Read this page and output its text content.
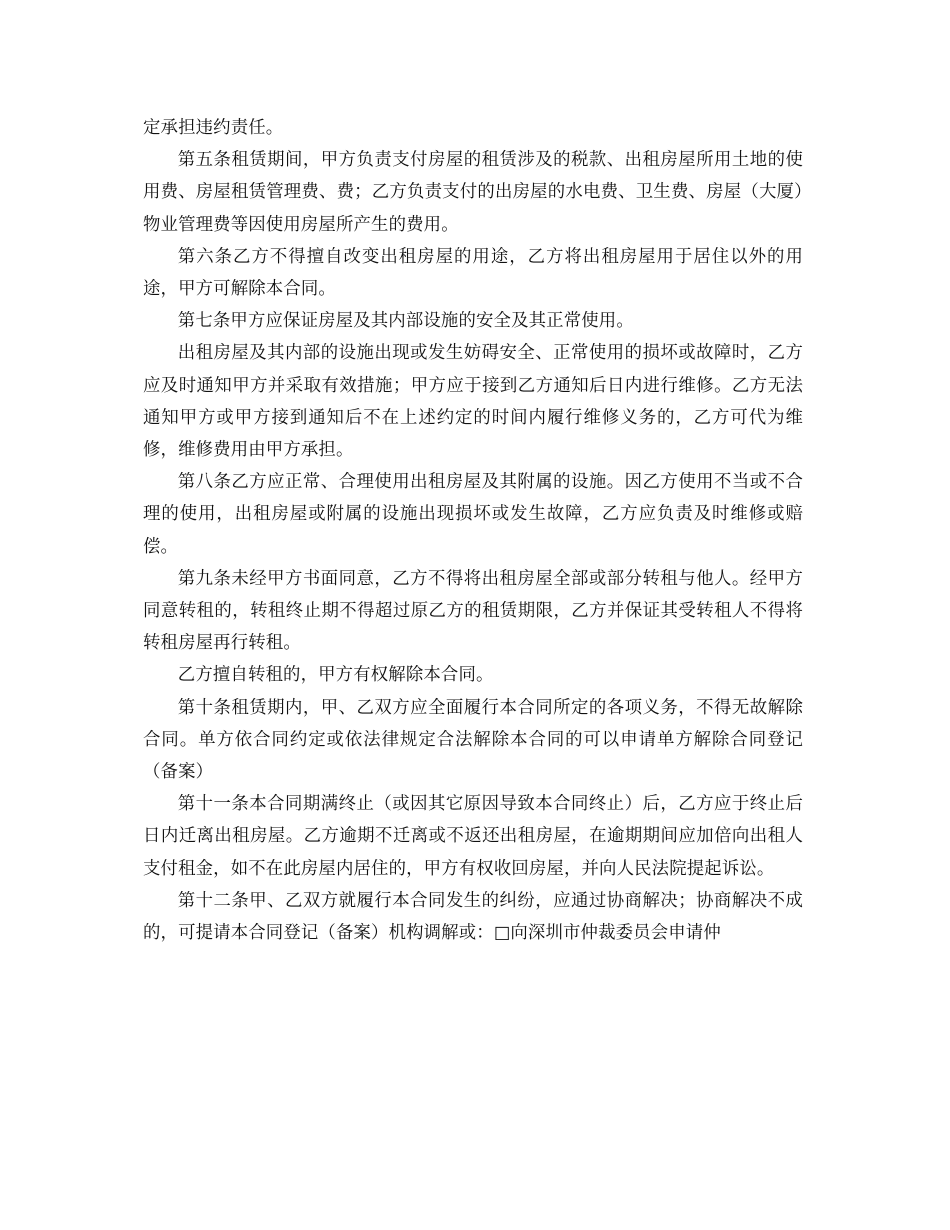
定承担违约责任。

第五条租赁期间，甲方负责支付房屋的租赁涉及的税款、出租房屋所用土地的使用费、房屋租赁管理费、费；乙方负责支付的出房屋的水电费、卫生费、房屋（大厦）物业管理费等因使用房屋所产生的费用。

第六条乙方不得擅自改变出租房屋的用途，乙方将出租房屋用于居住以外的用途，甲方可解除本合同。

第七条甲方应保证房屋及其内部设施的安全及其正常使用。

出租房屋及其内部的设施出现或发生妨碍安全、正常使用的损坏或故障时，乙方应及时通知甲方并采取有效措施；甲方应于接到乙方通知后日内进行维修。乙方无法通知甲方或甲方接到通知后不在上述约定的时间内履行维修义务的，乙方可代为维修，维修费用由甲方承担。

第八条乙方应正常、合理使用出租房屋及其附属的设施。因乙方使用不当或不合理的使用，出租房屋或附属的设施出现损坏或发生故障，乙方应负责及时维修或赔偿。

第九条未经甲方书面同意，乙方不得将出租房屋全部或部分转租与他人。经甲方同意转租的，转租终止期不得超过原乙方的租赁期限，乙方并保证其受转租人不得将转租房屋再行转租。

乙方擅自转租的，甲方有权解除本合同。

第十条租赁期内，甲、乙双方应全面履行本合同所定的各项义务，不得无故解除合同。单方依合同约定或依法律规定合法解除本合同的可以申请单方解除合同登记（备案）

第十一条本合同期满终止（或因其它原因导致本合同终止）后，乙方应于终止后日内迁离出租房屋。乙方逾期不迁离或不返还出租房屋，在逾期期间应加倍向出租人支付租金，如不在此房屋内居住的，甲方有权收回房屋，并向人民法院提起诉讼。

第十二条甲、乙双方就履行本合同发生的纠纷，应通过协商解决；协商解决不成的，可提请本合同登记（备案）机构调解或：□向深圳市仲裁委员会申请仲
